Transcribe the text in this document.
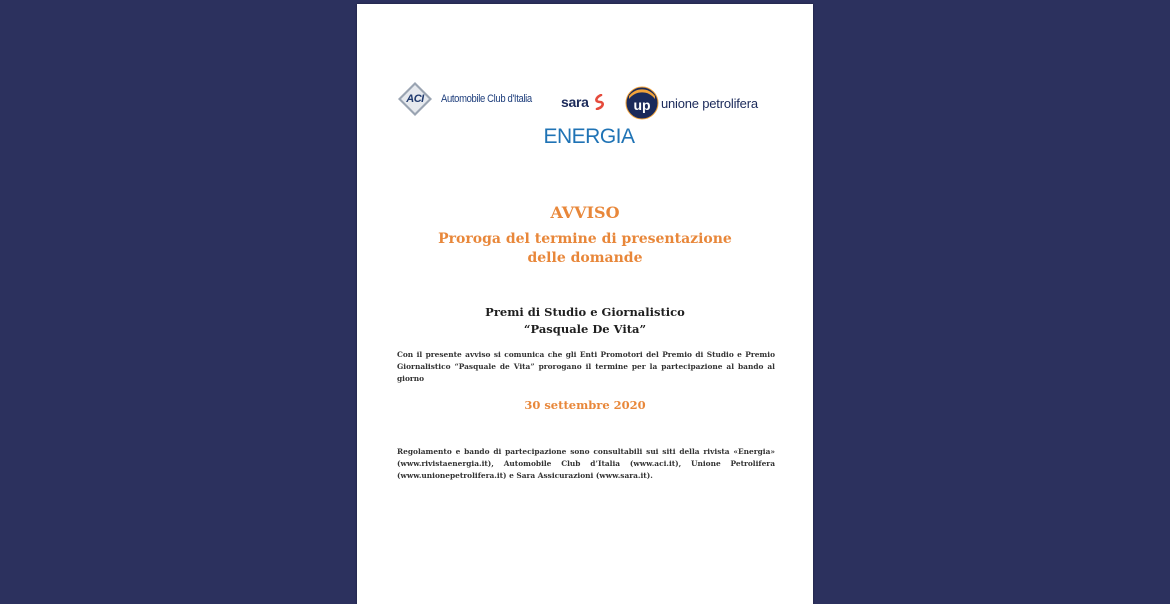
ACI	Automobile Club d'Italia sara	up unione petrolifera
ENERGIA
AVVISO
Proroga del termine di presentazione
delle domande
Premi di Studio e Giornalistico
“Pasquale De Vita”
Con il presente avviso si comunica che gli Enti Promotori del Premio di Studio e Premio Giornalistico “Pasquale de Vita” prorogano il termine per la partecipazione al bando al giorno
30 settembre 2020
Regolamento e bando di partecipazione sono consultabili sui siti della rivista «Energia» (www.rivistaenergia.it), Automobile Club d’Italia (www.aci.it), Unione Petrolifera (www.unionepetrolifera.it) e Sara Assicurazioni (www.sara.it).
